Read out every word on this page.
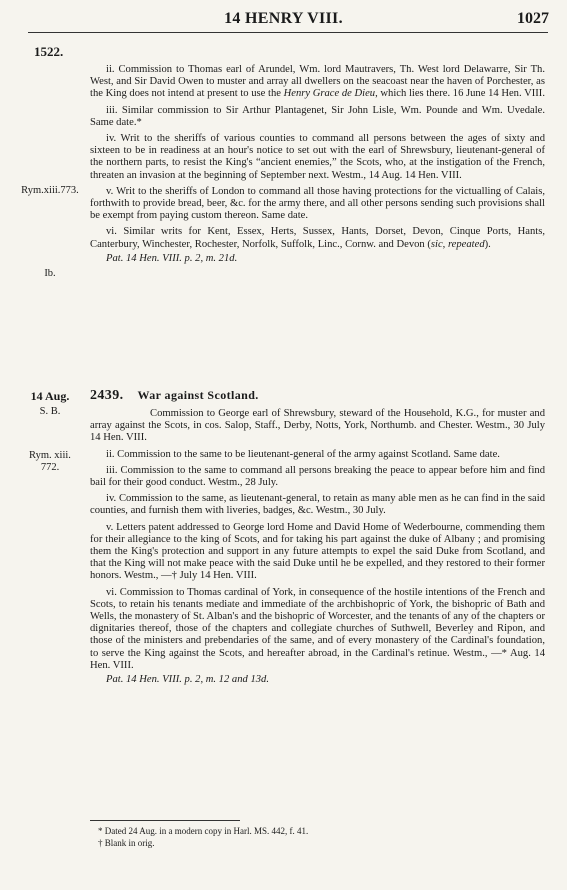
14 HENRY VIII.	1027
1522.
Rym.xiii.773.
Ib.
14 Aug.
S. B.
Rym. xiii.
772.

ii. Commission to Thomas earl of Arundel, Wm. lord Mautravers, Th. West lord Delawarre, Sir Th. West, and Sir David Owen to muster and array all dwellers on the seacoast near the haven of Porchester, as the King does not intend at present to use the Henry Grace de Dieu, which lies there. 16 June 14 Hen. VIII.

iii. Similar commission to Sir Arthur Plantagenet, Sir John Lisle, Wm. Pounde and Wm. Uvedale. Same date.*

iv. Writ to the sheriffs of various counties to command all persons between the ages of sixty and sixteen to be in readiness at an hour's notice to set out with the earl of Shrewsbury, lieutenant-general of the northern parts, to resist the King's “ancient enemies,” the Scots, who, at the instigation of the French, threaten an invasion at the beginning of September next. Westm., 14 Aug. 14 Hen. VIII.

v. Writ to the sheriffs of London to command all those having protections for the victualling of Calais, forthwith to provide bread, beer, &c. for the army there, and all other persons sending such provisions shall be exempt from paying custom thereon. Same date.

vi. Similar writs for Kent, Essex, Herts, Sussex, Hants, Dorset, Devon, Cinque Ports, Hants, Canterbury, Winchester, Rochester, Norfolk, Suffolk, Linc., Cornw. and Devon (sic, repeated).

Pat. 14 Hen. VIII. p. 2, m. 21d.

2439. War against Scotland.

Commission to George earl of Shrewsbury, steward of the Household, K.G., for muster and array against the Scots, in cos. Salop, Staff., Derby, Notts, York, Northumb. and Chester. Westm., 30 July 14 Hen. VIII.

ii. Commission to the same to be lieutenant-general of the army against Scotland. Same date.

iii. Commission to the same to command all persons breaking the peace to appear before him and find bail for their good conduct. Westm., 28 July.

iv. Commission to the same, as lieutenant-general, to retain as many able men as he can find in the said counties, and furnish them with liveries, badges, &c. Westm., 30 July.

v. Letters patent addressed to George lord Home and David Home of Wederbourne, commending them for their allegiance to the king of Scots, and for taking his part against the duke of Albany ; and promising them the King's protection and support in any future attempts to expel the said Duke from Scotland, and that the King will not make peace with the said Duke until he be expelled, and they restored to their former honors. Westm., —† July 14 Hen. VIII.

vi. Commission to Thomas cardinal of York, in consequence of the hostile intentions of the French and Scots, to retain his tenants mediate and immediate of the archbishopric of York, the bishopric of Bath and Wells, the monastery of St. Alban's and the bishopric of Worcester, and the tenants of any of the chapters or dignitaries thereof, those of the chapters and collegiate churches of Suthwell, Beverley and Ripon, and those of the ministers and prebendaries of the same, and of every monastery of the Cardinal's foundation, to serve the King against the Scots, and hereafter abroad, in the Cardinal's retinue. Westm., —* Aug. 14 Hen. VIII.

Pat. 14 Hen. VIII. p. 2, m. 12 and 13d.

* Dated 24 Aug. in a modern copy in Harl. MS. 442, f. 41.
† Blank in orig.
